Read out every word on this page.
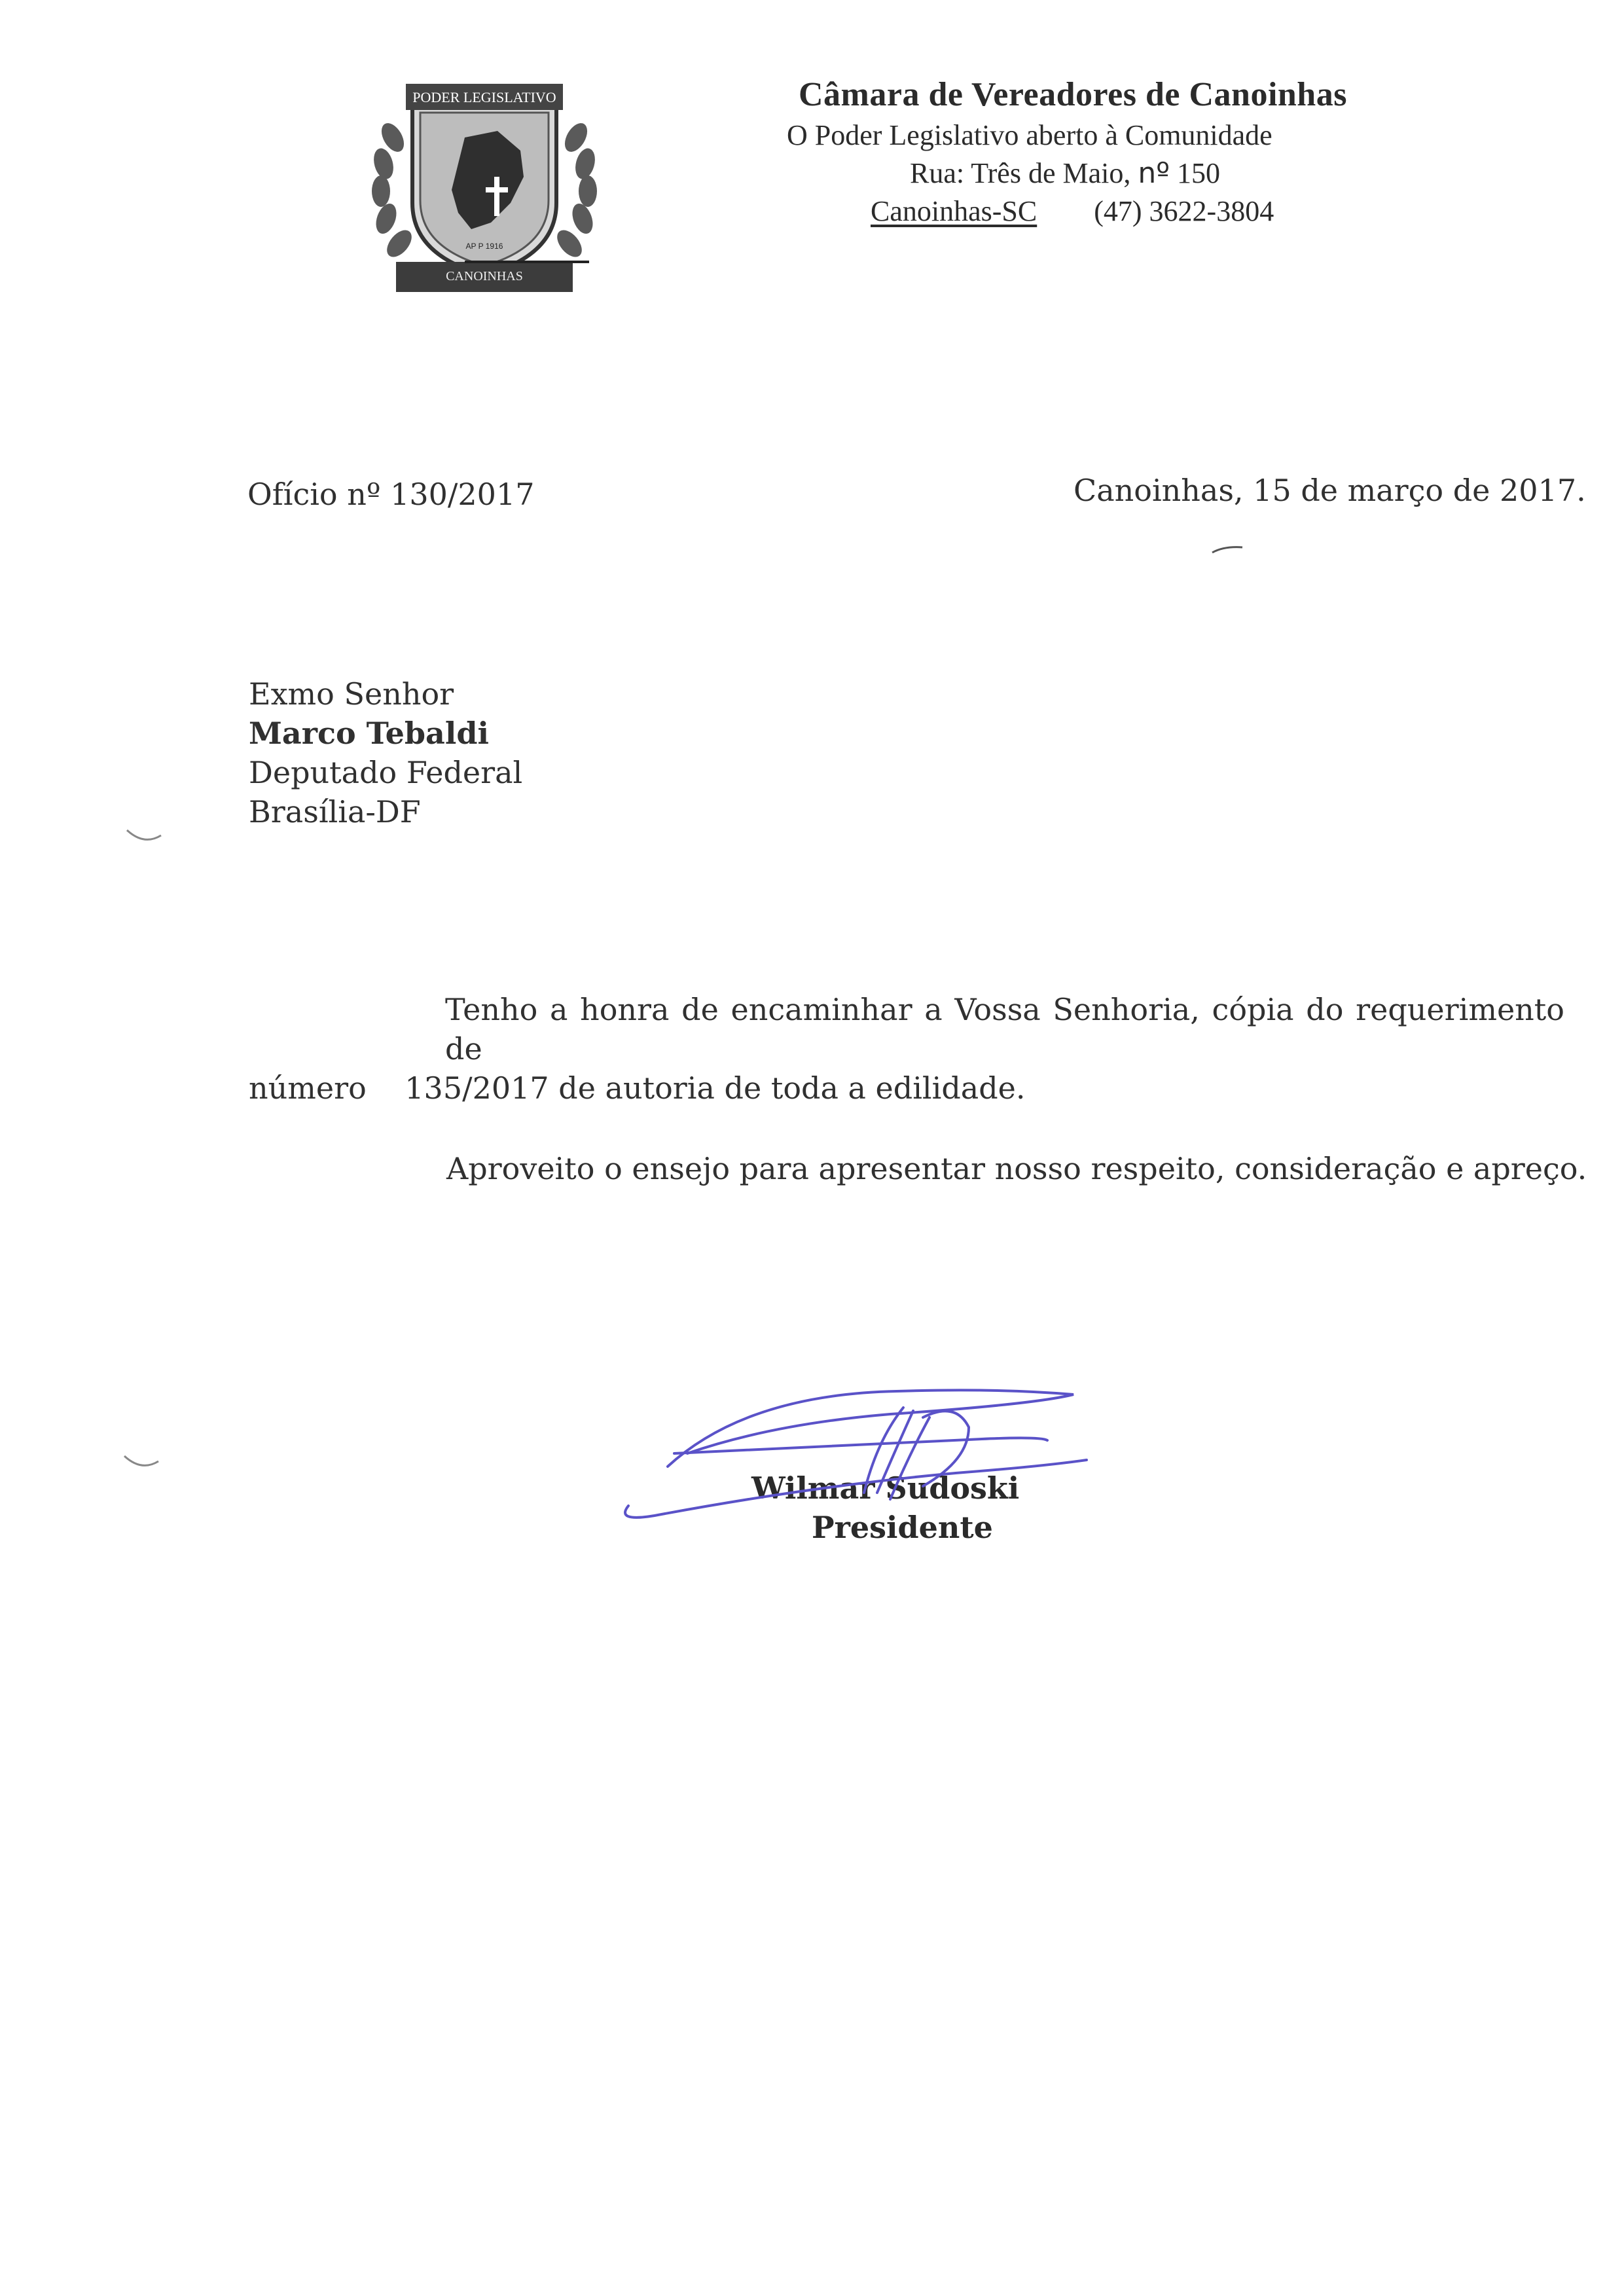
PODER LEGISLATIVO
AP P 1916
CANOINHAS
Câmara de Vereadores de Canoinhas
O Poder Legislativo aberto à Comunidade
Rua: Três de Maio, nº 150
Canoinhas-SC (47) 3622-3804
Ofício nº 130/2017	Canoinhas, 15 de março de 2017.
Exmo Senhor
Marco Tebaldi
Deputado Federal
Brasília-DF
Tenho a honra de encaminhar a Vossa Senhoria, cópia do requerimento de
número 135/2017 de autoria de toda a edilidade.
Aproveito o ensejo para apresentar nosso respeito, consideração e apreço.
Wilmar Sudoski
Presidente
